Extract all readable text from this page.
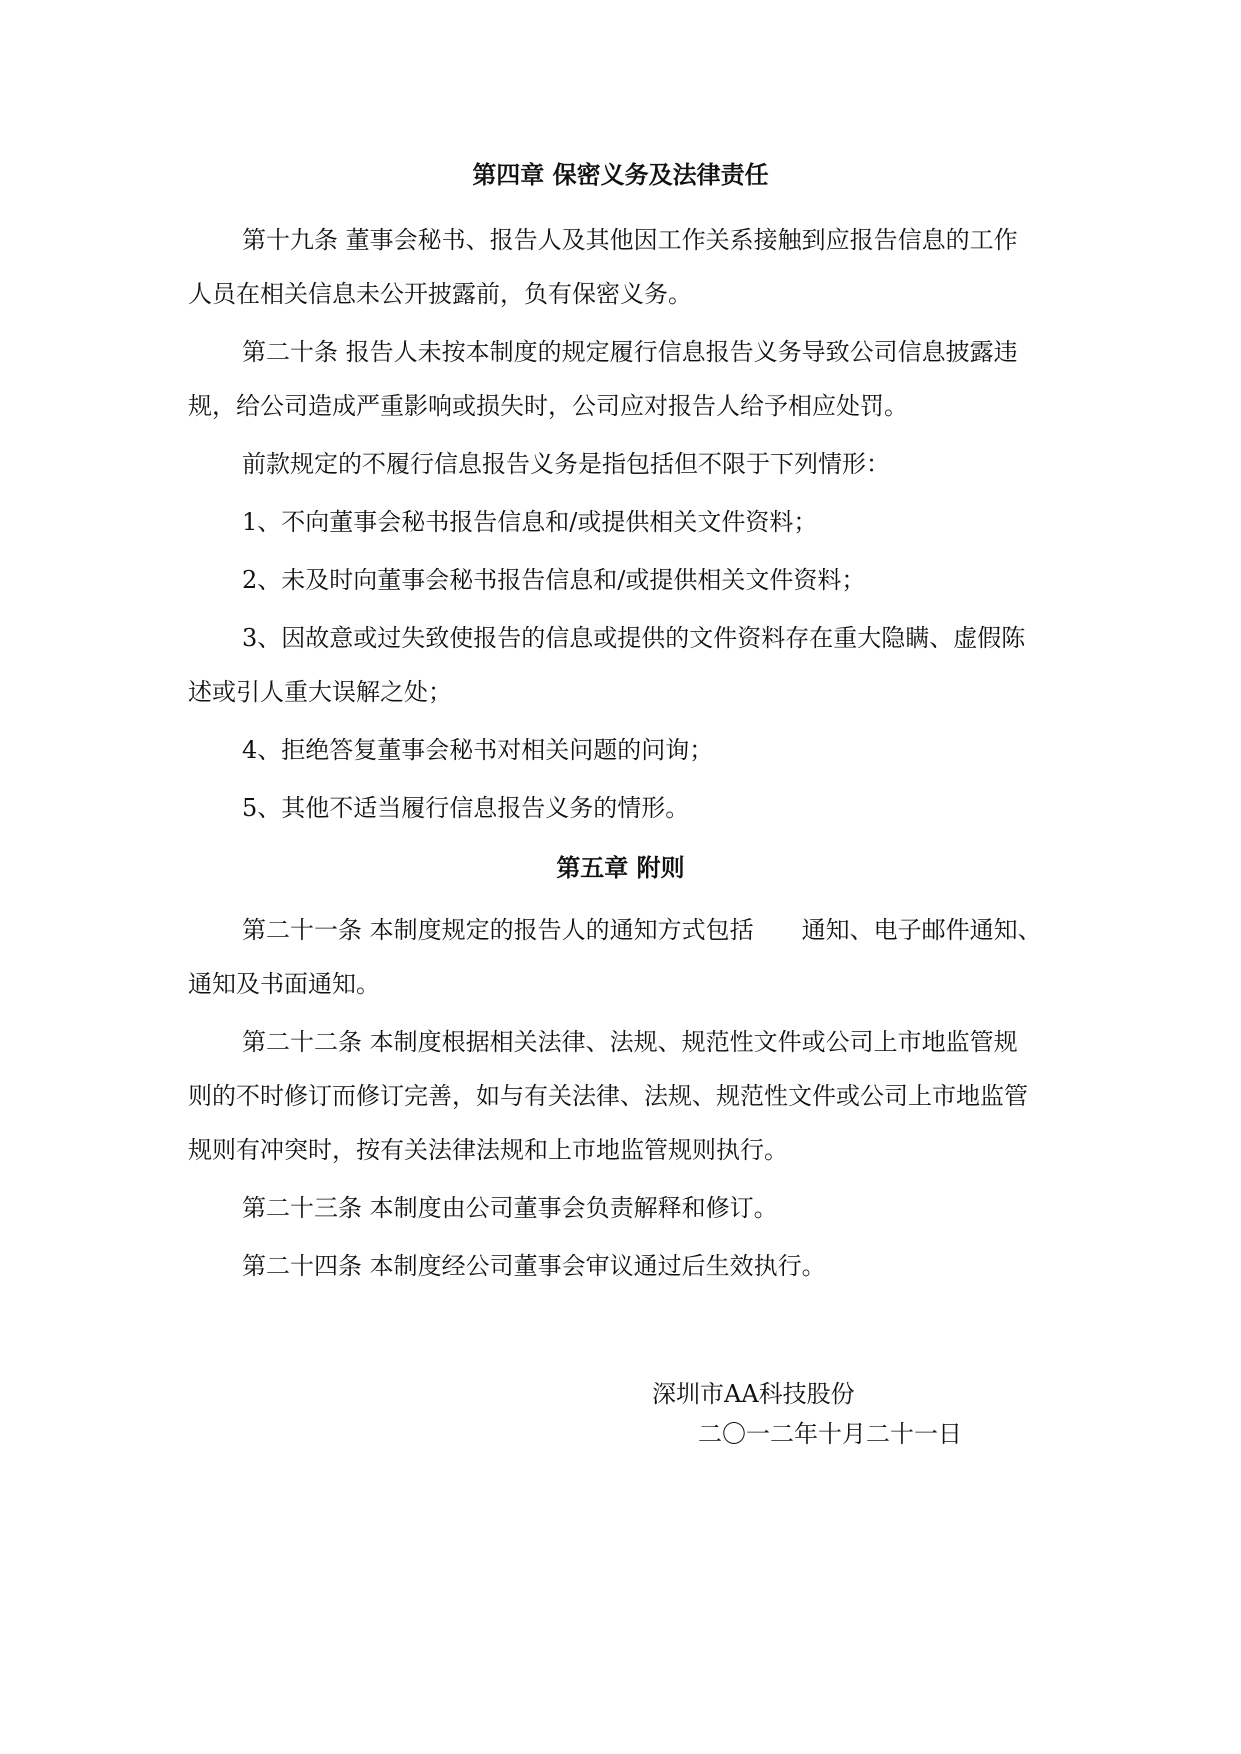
第四章 保密义务及法律责任
第十九条 董事会秘书、报告人及其他因工作关系接触到应报告信息的工作
人员在相关信息未公开披露前，负有保密义务。
第二十条 报告人未按本制度的规定履行信息报告义务导致公司信息披露违
规，给公司造成严重影响或损失时，公司应对报告人给予相应处罚。
前款规定的不履行信息报告义务是指包括但不限于下列情形：
1、不向董事会秘书报告信息和/或提供相关文件资料；
2、未及时向董事会秘书报告信息和/或提供相关文件资料；
3、因故意或过失致使报告的信息或提供的文件资料存在重大隐瞒、虚假陈
述或引人重大误解之处；
4、拒绝答复董事会秘书对相关问题的问询；
5、其他不适当履行信息报告义务的情形。
第五章 附则
第二十一条 本制度规定的报告人的通知方式包括　　通知、电子邮件通知、
通知及书面通知。
第二十二条 本制度根据相关法律、法规、规范性文件或公司上市地监管规
则的不时修订而修订完善，如与有关法律、法规、规范性文件或公司上市地监管
规则有冲突时，按有关法律法规和上市地监管规则执行。
第二十三条 本制度由公司董事会负责解释和修订。
第二十四条 本制度经公司董事会审议通过后生效执行。
深圳市AA科技股份
二〇一二年十月二十一日
